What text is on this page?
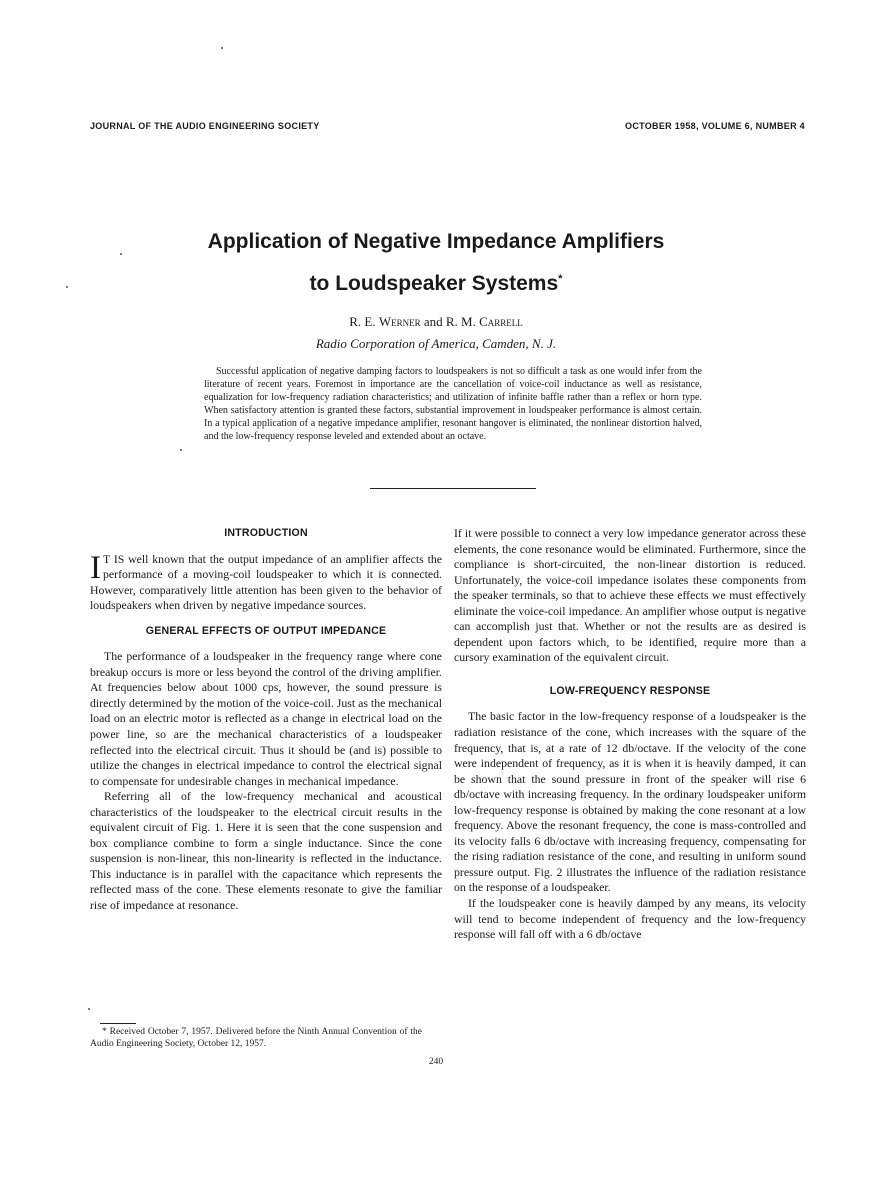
JOURNAL OF THE AUDIO ENGINEERING SOCIETY	OCTOBER 1958, VOLUME 6, NUMBER 4
Application of Negative Impedance Amplifiers
to Loudspeaker Systems*
R. E. Werner and R. M. Carrell
Radio Corporation of America, Camden, N. J.
Successful application of negative damping factors to loudspeakers is not so difficult a task as one would infer from the literature of recent years. Foremost in importance are the cancellation of voice-coil inductance as well as resistance, equalization for low-frequency radiation characteristics; and utilization of infinite baffle rather than a reflex or horn type. When satisfactory attention is granted these factors, substantial improvement in loudspeaker performance is almost certain. In a typical application of a negative impedance amplifier, resonant hangover is eliminated, the nonlinear distortion halved, and the low-frequency response leveled and extended about an octave.
INTRODUCTION

I T IS well known that the output impedance of an amplifier affects the performance of a moving-coil loudspeaker to which it is connected. However, comparatively little attention has been given to the behavior of loudspeakers when driven by negative impedance sources.

GENERAL EFFECTS OF OUTPUT IMPEDANCE

The performance of a loudspeaker in the frequency range where cone breakup occurs is more or less beyond the control of the driving amplifier. At frequencies below about 1000 cps, however, the sound pressure is directly determined by the motion of the voice-coil. Just as the mechanical load on an electric motor is reflected as a change in electrical load on the power line, so are the mechanical characteristics of a loudspeaker reflected into the electrical circuit. Thus it should be (and is) possible to utilize the changes in electrical impedance to control the electrical signal to compensate for undesirable changes in mechanical impedance.

Referring all of the low-frequency mechanical and acoustical characteristics of the loudspeaker to the electrical circuit results in the equivalent circuit of Fig. 1. Here it is seen that the cone suspension and box compliance combine to form a single inductance. Since the cone suspension is non-linear, this non-linearity is reflected in the inductance. This inductance is in parallel with the capacitance which represents the reflected mass of the cone. These elements resonate to give the familiar rise of impedance at resonance.

If it were possible to connect a very low impedance generator across these elements, the cone resonance would be eliminated. Furthermore, since the compliance is short-circuited, the non-linear distortion is reduced. Unfortunately, the voice-coil impedance isolates these components from the speaker terminals, so that to achieve these effects we must effectively eliminate the voice-coil impedance. An amplifier whose output is negative can accomplish just that. Whether or not the results are as desired is dependent upon factors which, to be identified, require more than a cursory examination of the equivalent circuit.

LOW-FREQUENCY RESPONSE

The basic factor in the low-frequency response of a loudspeaker is the radiation resistance of the cone, which increases with the square of the frequency, that is, at a rate of 12 db/octave. If the velocity of the cone were independent of frequency, as it is when it is heavily damped, it can be shown that the sound pressure in front of the speaker will rise 6 db/octave with increasing frequency. In the ordinary loudspeaker uniform low-frequency response is obtained by making the cone resonant at a low frequency. Above the resonant frequency, the cone is mass-controlled and its velocity falls 6 db/octave with increasing frequency, compensating for the rising radiation resistance of the cone, and resulting in uniform sound pressure output. Fig. 2 illustrates the influence of the radiation resistance on the response of a loudspeaker.

If the loudspeaker cone is heavily damped by any means, its velocity will tend to become independent of frequency and the low-frequency response will fall off with a 6 db/octave

* Received October 7, 1957. Delivered before the Ninth Annual Convention of the Audio Engineering Society, October 12, 1957.
240
